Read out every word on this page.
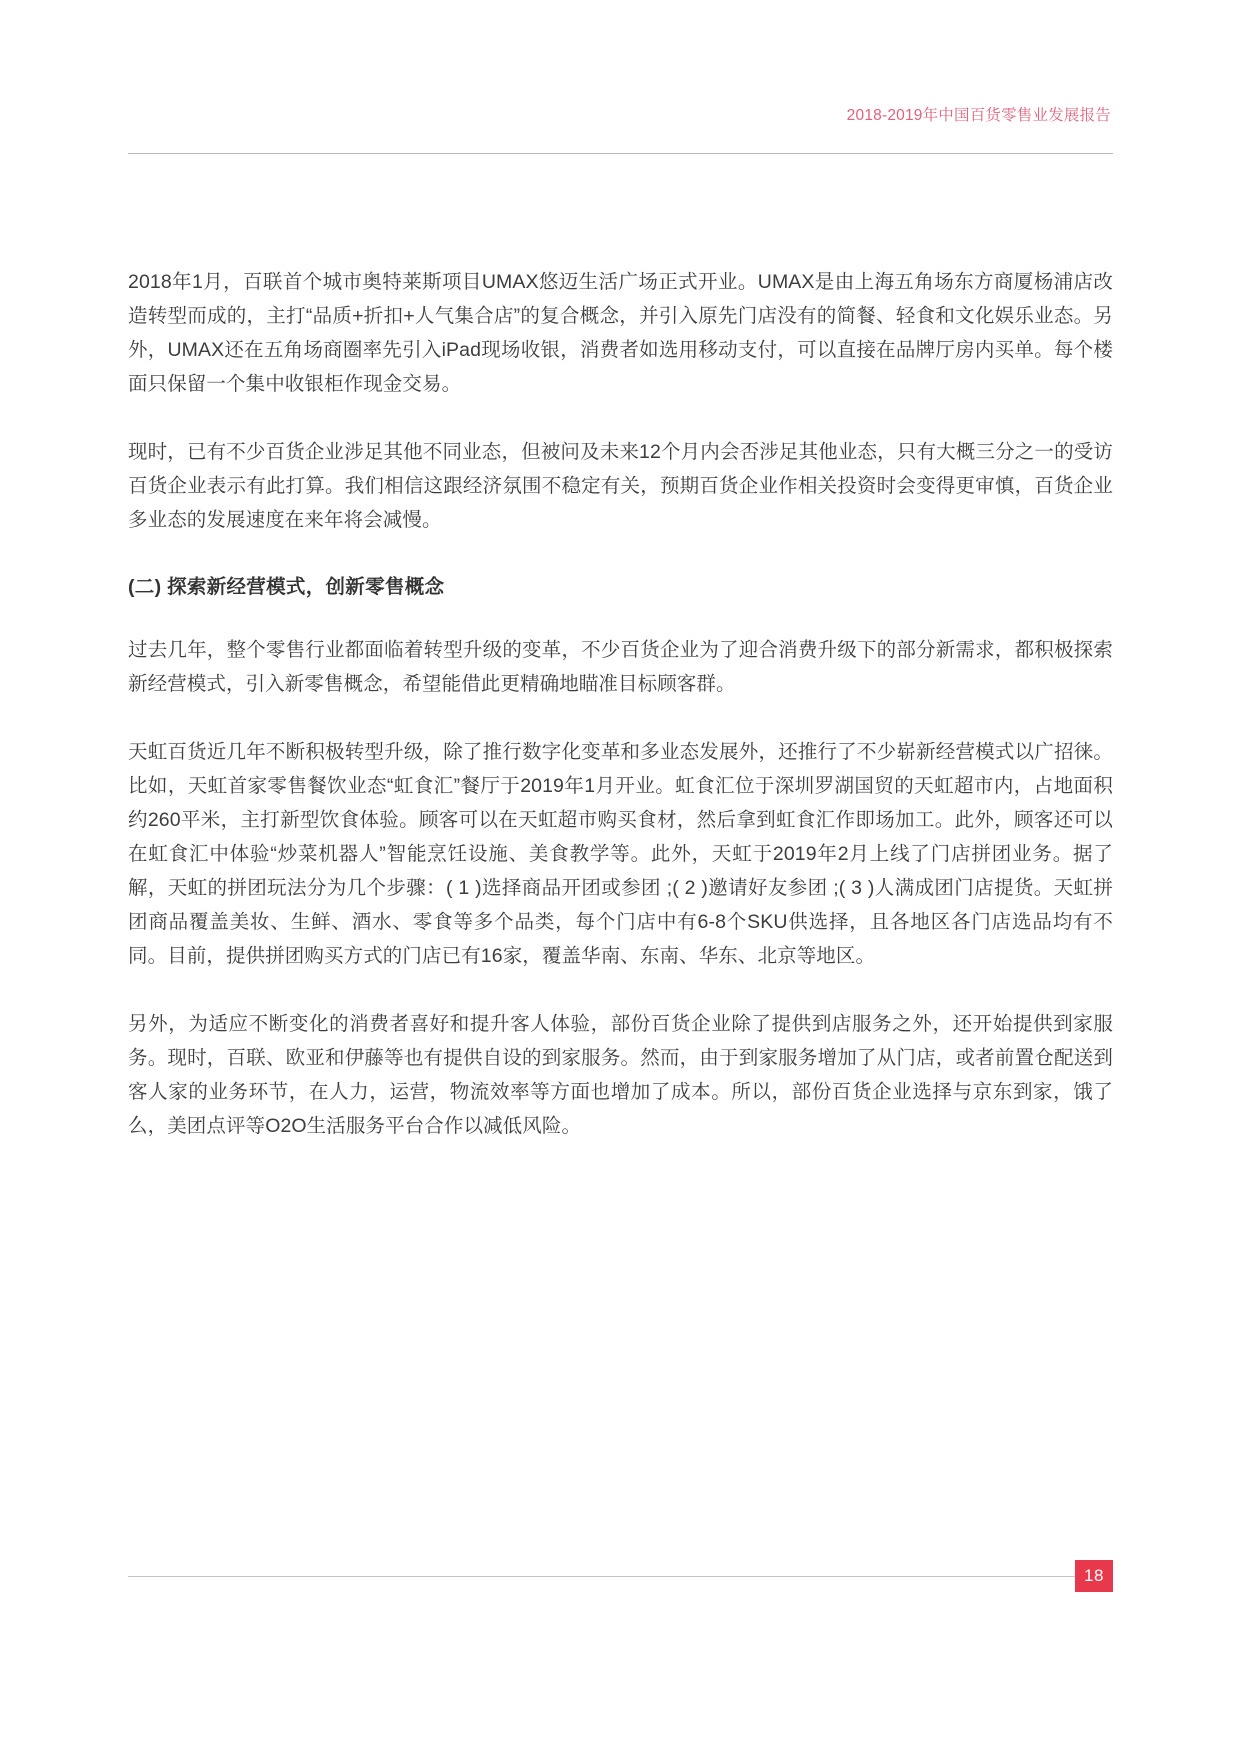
2018-2019年中国百货零售业发展报告

2018年1月，百联首个城市奥特莱斯项目UMAX悠迈生活广场正式开业。UMAX是由上海五角场东方商厦杨浦店改造转型而成的，主打“品质+折扣+人气集合店”的复合概念，并引入原先门店没有的简餐、轻食和文化娱乐业态。另外，UMAX还在五角场商圈率先引入iPad现场收银，消费者如选用移动支付，可以直接在品牌厅房内买单。每个楼面只保留一个集中收银柜作现金交易。

现时，已有不少百货企业涉足其他不同业态，但被问及未来12个月内会否涉足其他业态，只有大概三分之一的受访百货企业表示有此打算。我们相信这跟经济氛围不稳定有关，预期百货企业作相关投资时会变得更审慎，百货企业多业态的发展速度在来年将会减慢。

(二) 探索新经营模式，创新零售概念

过去几年，整个零售行业都面临着转型升级的变革，不少百货企业为了迎合消费升级下的部分新需求，都积极探索新经营模式，引入新零售概念，希望能借此更精确地瞄准目标顾客群。

天虹百货近几年不断积极转型升级，除了推行数字化变革和多业态发展外，还推行了不少崭新经营模式以广招徕。比如，天虹首家零售餐饮业态“虹食汇”餐厅于2019年1月开业。虹食汇位于深圳罗湖国贸的天虹超市内，占地面积约260平米，主打新型饮食体验。顾客可以在天虹超市购买食材，然后拿到虹食汇作即场加工。此外，顾客还可以在虹食汇中体验“炒菜机器人”智能烹饪设施、美食教学等。此外，天虹于2019年2月上线了门店拼团业务。据了解，天虹的拼团玩法分为几个步骤：( 1 )选择商品开团或参团 ;( 2 )邀请好友参团 ;( 3 )人满成团门店提货。天虹拼团商品覆盖美妆、生鲜、酒水、零食等多个品类，每个门店中有6-8个SKU供选择，且各地区各门店选品均有不同。目前，提供拼团购买方式的门店已有16家，覆盖华南、东南、华东、北京等地区。

另外，为适应不断变化的消费者喜好和提升客人体验，部份百货企业除了提供到店服务之外，还开始提供到家服务。现时，百联、欧亚和伊藤等也有提供自设的到家服务。然而，由于到家服务增加了从门店，或者前置仓配送到客人家的业务环节，在人力，运营，物流效率等方面也增加了成本。所以，部份百货企业选择与京东到家，饿了么，美团点评等O2O生活服务平台合作以减低风险。

18
